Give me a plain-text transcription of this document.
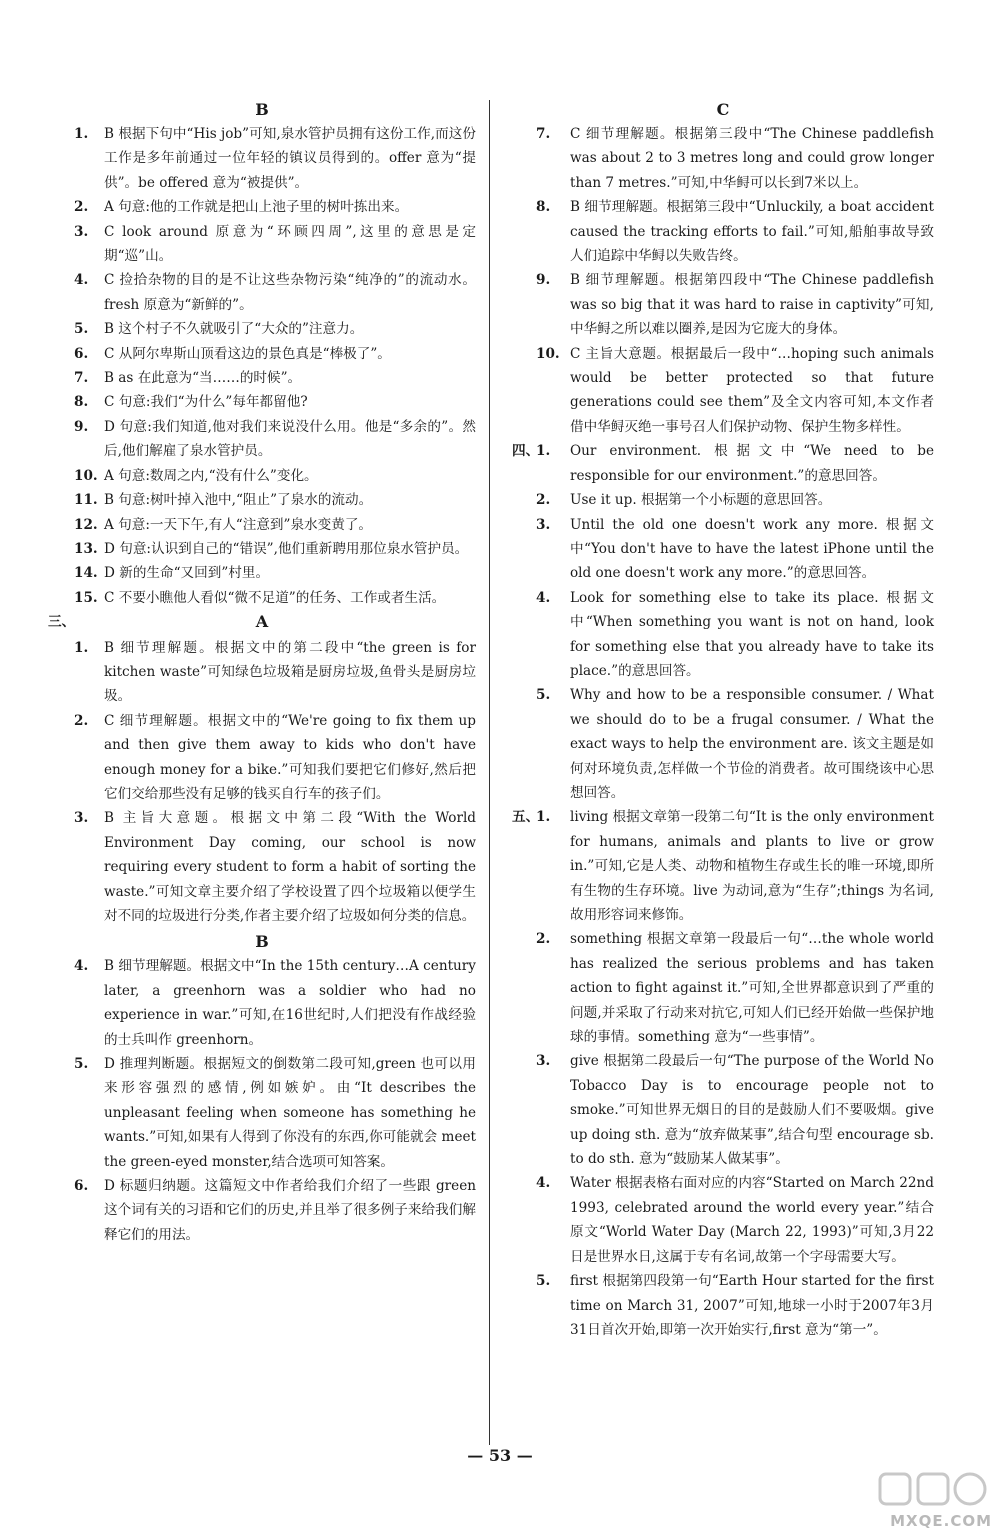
B
1. B 根据下句中“His job”可知,泉水管护员拥有这份工作,而这份工作是多年前通过一位年轻的镇议员得到的。offer 意为“提供”。be offered 意为“被提供”。
2. A 句意:他的工作就是把山上池子里的树叶拣出来。
3. C look around 原意为“环顾四周”,这里的意思是定期“巡”山。
4. C 捡拾杂物的目的是不让这些杂物污染“纯净的”的流动水。fresh 原意为“新鲜的”。
5. B 这个村子不久就吸引了“大众的”注意力。
6. C 从阿尔卑斯山顶看这边的景色真是“棒极了”。
7. B as 在此意为“当……的时候”。
8. C 句意:我们“为什么”每年都留他?
9. D 句意:我们知道,他对我们来说没什么用。他是“多余的”。然后,他们解雇了泉水管护员。
10. A 句意:数周之内,“没有什么”变化。
11. B 句意:树叶掉入池中,“阻止”了泉水的流动。
12. A 句意:一天下午,有人“注意到”泉水变黄了。
13. D 句意:认识到自己的“错误”,他们重新聘用那位泉水管护员。
14. D 新的生命“又回到”村里。
15. C 不要小瞧他人看似“微不足道”的任务、工作或者生活。
三、	A
1. B 细节理解题。根据文中的第二段中“the green is for kitchen waste”可知绿色垃圾箱是厨房垃圾,鱼骨头是厨房垃圾。
2. C 细节理解题。根据文中的“We're going to fix them up and then give them away to kids who don't have enough money for a bike.”可知我们要把它们修好,然后把它们交给那些没有足够的钱买自行车的孩子们。
3. B 主旨大意题。根据文中第二段“With the World Environment Day coming, our school is now requiring every student to form a habit of sorting the waste.”可知文章主要介绍了学校设置了四个垃圾箱以便学生对不同的垃圾进行分类,作者主要介绍了垃圾如何分类的信息。
B
4. B 细节理解题。根据文中“In the 15th century…A century later, a greenhorn was a soldier who had no experience in war.”可知,在16世纪时,人们把没有作战经验的士兵叫作 greenhorn。
5. D 推理判断题。根据短文的倒数第二段可知,green 也可以用来形容强烈的感情,例如嫉妒。由“It describes the unpleasant feeling when someone has something he wants.”可知,如果有人得到了你没有的东西,你可能就会 meet the green-eyed monster,结合选项可知答案。
6. D 标题归纳题。这篇短文中作者给我们介绍了一些跟 green 这个词有关的习语和它们的历史,并且举了很多例子来给我们解释它们的用法。
C
7. C 细节理解题。根据第三段中“The Chinese paddlefish was about 2 to 3 metres long and could grow longer than 7 metres.”可知,中华鲟可以长到7米以上。
8. B 细节理解题。根据第三段中“Unluckily, a boat accident caused the tracking efforts to fail.”可知,船舶事故导致人们追踪中华鲟以失败告终。
9. B 细节理解题。根据第四段中“The Chinese paddlefish was so big that it was hard to raise in captivity”可知,中华鲟之所以难以圈养,是因为它庞大的身体。
10. C 主旨大意题。根据最后一段中“…hoping such animals would be better protected so that future generations could see them”及全文内容可知,本文作者借中华鲟灭绝一事号召人们保护动物、保护生物多样性。
四、
1. Our environment. 根据文中“We need to be responsible for our environment.”的意思回答。
2. Use it up. 根据第一个小标题的意思回答。
3. Until the old one doesn't work any more. 根据文中“You don't have to have the latest iPhone until the old one doesn't work any more.”的意思回答。
4. Look for something else to take its place. 根据文中“When something you want is not on hand, look for something else that you already have to take its place.”的意思回答。
5. Why and how to be a responsible consumer. / What we should do to be a frugal consumer. / What the exact ways to help the environment are. 该文主题是如何对环境负责,怎样做一个节俭的消费者。故可围绕该中心思想回答。
五、
1. living 根据文章第一段第二句“It is the only environment for humans, animals and plants to live or grow in.”可知,它是人类、动物和植物生存或生长的唯一环境,即所有生物的生存环境。live 为动词,意为“生存”;things 为名词,故用形容词来修饰。
2. something 根据文章第一段最后一句“…the whole world has realized the serious problems and has taken action to fight against it.”可知,全世界都意识到了严重的问题,并采取了行动来对抗它,可知人们已经开始做一些保护地球的事情。something 意为“一些事情”。
3. give 根据第二段最后一句“The purpose of the World No Tobacco Day is to encourage people not to smoke.”可知世界无烟日的目的是鼓励人们不要吸烟。give up doing sth. 意为“放弃做某事”,结合句型 encourage sb. to do sth. 意为“鼓励某人做某事”。
4. Water 根据表格右面对应的内容“Started on March 22nd 1993, celebrated around the world every year.”结合原文“World Water Day (March 22, 1993)”可知,3月22日是世界水日,这属于专有名词,故第一个字母需要大写。
5. first 根据第四段第一句“Earth Hour started for the first time on March 31, 2007”可知,地球一小时于2007年3月31日首次开始,即第一次开始实行,first 意为“第一”。
— 53 —
MXQE.COM
